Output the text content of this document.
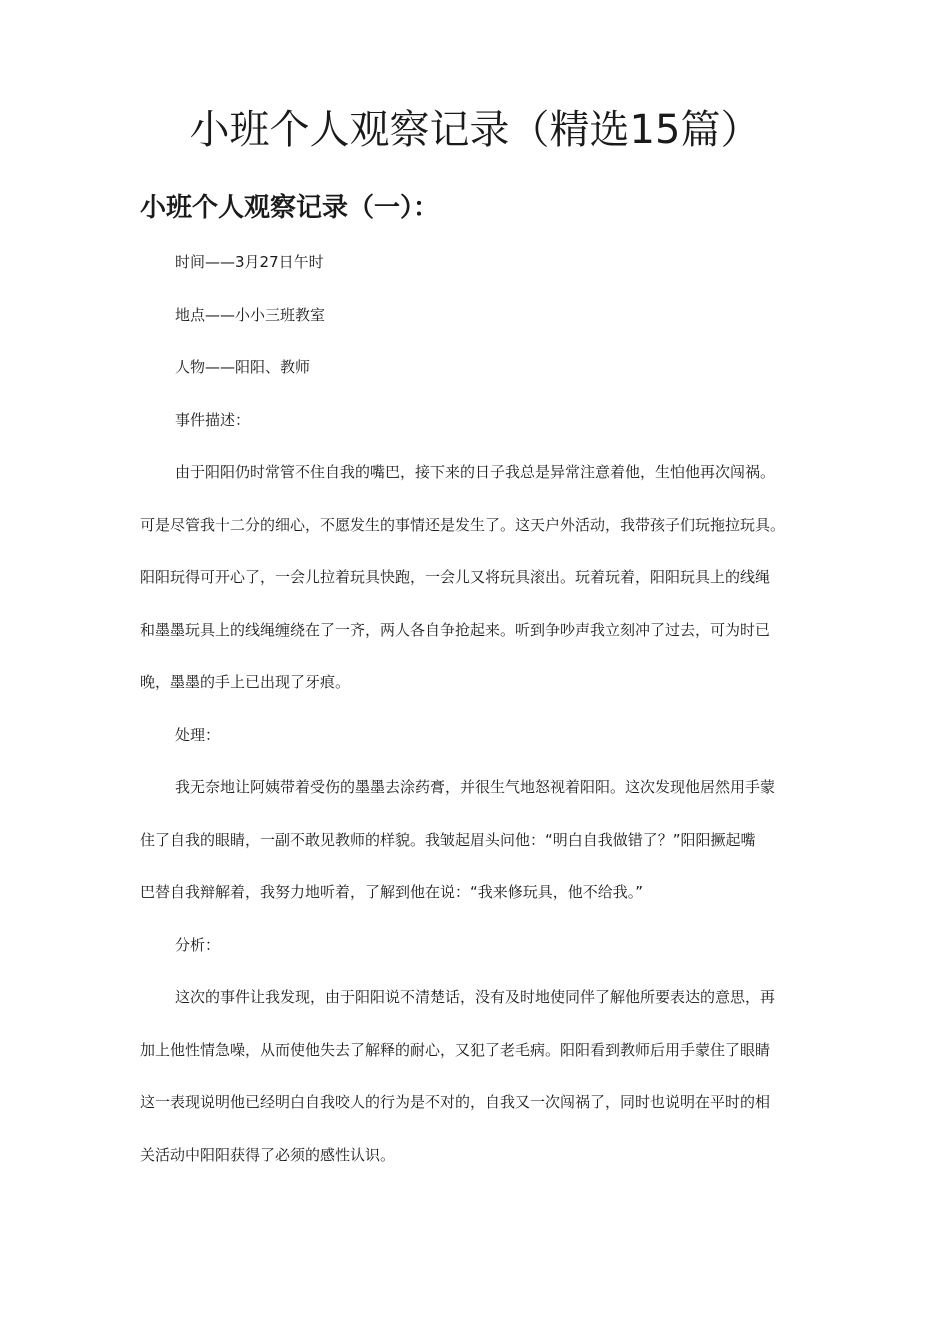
小班个人观察记录（精选15篇）
小班个人观察记录（一）：
时间——3月27日午时
地点——小小三班教室
人物——阳阳、教师
事件描述：
由于阳阳仍时常管不住自我的嘴巴，接下来的日子我总是异常注意着他，生怕他再次闯祸。
可是尽管我十二分的细心，不愿发生的事情还是发生了。这天户外活动，我带孩子们玩拖拉玩具。
阳阳玩得可开心了，一会儿拉着玩具快跑，一会儿又将玩具滚出。玩着玩着，阳阳玩具上的线绳
和墨墨玩具上的线绳缠绕在了一齐，两人各自争抢起来。听到争吵声我立刻冲了过去，可为时已
晚，墨墨的手上已出现了牙痕。
处理：
我无奈地让阿姨带着受伤的墨墨去涂药膏，并很生气地怒视着阳阳。这次发现他居然用手蒙
住了自我的眼睛，一副不敢见教师的样貌。我皱起眉头问他：“明白自我做错了？”阳阳撅起嘴
巴替自我辩解着，我努力地听着，了解到他在说：“我来修玩具，他不给我。”
分析：
这次的事件让我发现，由于阳阳说不清楚话，没有及时地使同伴了解他所要表达的意思，再
加上他性情急噪，从而使他失去了解释的耐心，又犯了老毛病。阳阳看到教师后用手蒙住了眼睛
这一表现说明他已经明白自我咬人的行为是不对的，自我又一次闯祸了，同时也说明在平时的相
关活动中阳阳获得了必须的感性认识。
